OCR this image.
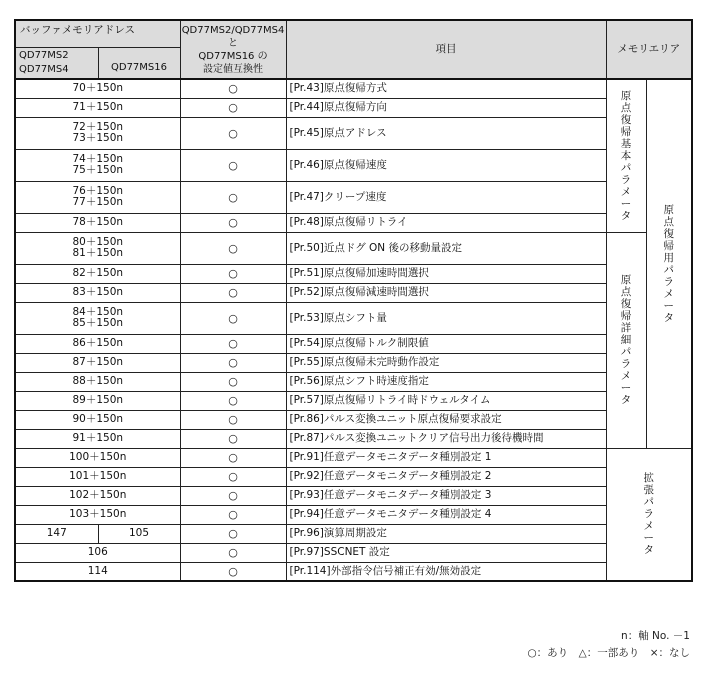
バッファメモリアドレス		QD77MS2/QD77MS4 と
QD77MS16 の
設定値互換性	項目	メモリエリア	
QD77MS2
QD77MS4	QD77MS16				
70＋150n		○	[Pr.43]原点復帰方式	原点復帰基本パラメータ	原点復帰用パラメータ
71＋150n		○	[Pr.44]原点復帰方向		
72＋150n
73＋150n		○	[Pr.45]原点アドレス		
74＋150n
75＋150n		○	[Pr.46]原点復帰速度		
76＋150n
77＋150n		○	[Pr.47]クリープ速度		
78＋150n		○	[Pr.48]原点復帰リトライ		
80＋150n
81＋150n		○	[Pr.50]近点ドグ ON 後の移動量設定	原点復帰詳細パラメータ	
82＋150n		○	[Pr.51]原点復帰加速時間選択		
83＋150n		○	[Pr.52]原点復帰減速時間選択		
84＋150n
85＋150n		○	[Pr.53]原点シフト量		
86＋150n		○	[Pr.54]原点復帰トルク制限値		
87＋150n		○	[Pr.55]原点復帰未完時動作設定		
88＋150n		○	[Pr.56]原点シフト時速度指定		
89＋150n		○	[Pr.57]原点復帰リトライ時ドウェルタイム		
90＋150n		○	[Pr.86]パルス変換ユニット原点復帰要求設定		
91＋150n		○	[Pr.87]パルス変換ユニットクリア信号出力後待機時間		
100＋150n		○	[Pr.91]任意データモニタデータ種別設定 1	拡張パラメータ	
101＋150n		○	[Pr.92]任意データモニタデータ種別設定 2		
102＋150n		○	[Pr.93]任意データモニタデータ種別設定 3		
103＋150n		○	[Pr.94]任意データモニタデータ種別設定 4		
147	105	○	[Pr.96]演算周期設定		
106		○	[Pr.97]SSCNET 設定		
114		○	[Pr.114]外部指令信号補正有効/無効設定		
n：軸 No. －1
○：あり　△：一部あり　×：なし
